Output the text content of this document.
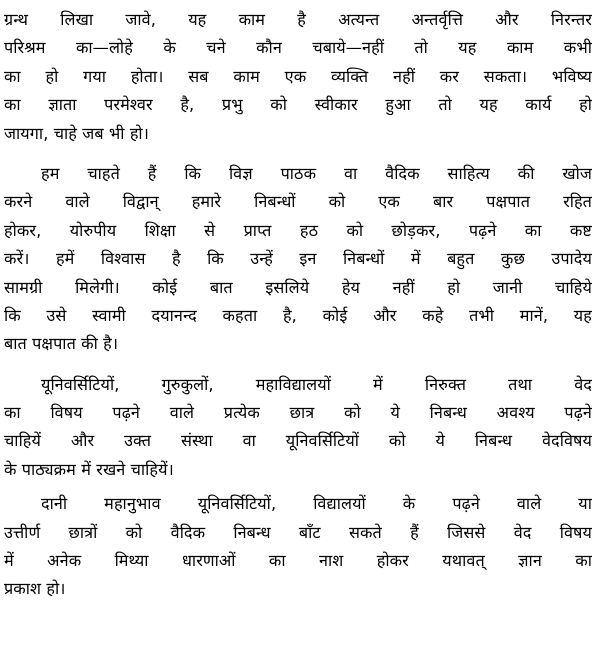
ग्रन्थ लिखा जावे, यह काम है अत्यन्त अन्तर्वृत्ति और निरन्तर
परिश्रम का—लोहे के चने कौन चबाये—नहीं तो यह काम कभी
का हो गया होता। सब काम एक व्यक्ति नहीं कर सकता। भविष्य
का ज्ञाता परमेश्वर है, प्रभु को स्वीकार हुआ तो यह कार्य हो
जायगा, चाहे जब भी हो।
हम चाहते हैं कि विज्ञ पाठक वा वैदिक साहित्य की खोज
करने वाले विद्वान् हमारे निबन्धों को एक बार पक्षपात रहित
होकर, योरुपीय शिक्षा से प्राप्त हठ को छोड़कर, पढ़ने का कष्ट
करें। हमें विश्वास है कि उन्हें इन निबन्धों में बहुत कुछ उपादेय
सामग्री मिलेगी। कोई बात इसलिये हेय नहीं हो जानी चाहिये
कि उसे स्वामी दयानन्द कहता है, कोई और कहे तभी मानें, यह
बात पक्षपात की है।
यूनिवर्सिटियों, गुरुकुलों, महाविद्यालयों में निरुक्त तथा वेद
का विषय पढ़ने वाले प्रत्येक छात्र को ये निबन्ध अवश्य पढ़ने
चाहियें और उक्त संस्था वा यूनिवर्सिटियों को ये निबन्ध वेदविषय
के पाठ्यक्रम में रखने चाहियें।
दानी महानुभाव यूनिवर्सिटियों, विद्यालयों के पढ़ने वाले या
उत्तीर्ण छात्रों को वैदिक निबन्ध बाँट सकते हैं जिससे वेद विषय
में अनेक मिथ्या धारणाओं का नाश होकर यथावत् ज्ञान का
प्रकाश हो।
